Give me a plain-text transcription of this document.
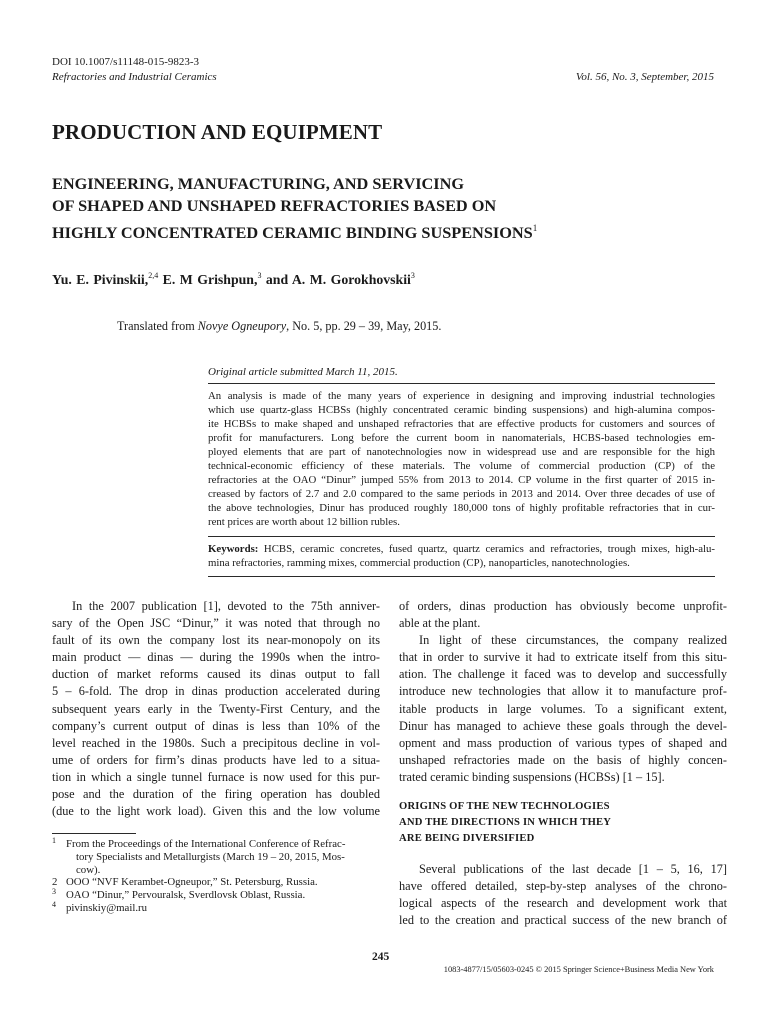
DOI 10.1007/s11148-015-9823-3
Refractories and Industrial Ceramics	Vol. 56, No. 3, September, 2015
PRODUCTION AND EQUIPMENT
ENGINEERING, MANUFACTURING, AND SERVICING
OF SHAPED AND UNSHAPED REFRACTORIES BASED ON
HIGHLY CONCENTRATED CERAMIC BINDING SUSPENSIONS$^1$
Yu. E. Pivinskii,$^{2,4}$ E. M Grishpun,$^3$ and A. M. Gorokhovskii$^3$
Translated from Novye Ogneupory, No. 5, pp. 29 – 39, May, 2015.
Original article submitted March 11, 2015.
An analysis is made of the many years of experience in designing and improving industrial technologies
which use quartz-glass HCBSs (highly concentrated ceramic binding suspensions) and high-alumina compos-
ite HCBSs to make shaped and unshaped refractories that are effective products for customers and sources of
profit for manufacturers. Long before the current boom in nanomaterials, HCBS-based technologies em-
ployed elements that are part of nanotechnologies now in widespread use and are responsible for the high
technical-economic efficiency of these materials. The volume of commercial production (CP) of the
refractories at the OAO “Dinur” jumped 55% from 2013 to 2014. CP volume in the first quarter of 2015 in-
creased by factors of 2.7 and 2.0 compared to the same periods in 2013 and 2014. Over three decades of use of
the above technologies, Dinur has produced roughly 180,000 tons of highly profitable refractories that in cur-
rent prices are worth about 12 billion rubles.
Keywords: HCBS, ceramic concretes, fused quartz, quartz ceramics and refractories, trough mixes, high-alu-
mina refractories, ramming mixes, commercial production (CP), nanoparticles, nanotechnologies.
In the 2007 publication [1], devoted to the 75th anniver-
sary of the Open JSC “Dinur,” it was noted that through no
fault of its own the company lost its near-monopoly on its
main product — dinas — during the 1990s when the intro-
duction of market reforms caused its dinas output to fall
5 – 6-fold. The drop in dinas production accelerated during
subsequent years early in the Twenty-First Century, and the
company’s current output of dinas is less than 10% of the
level reached in the 1980s. Such a precipitous decline in vol-
ume of orders for firm’s dinas products have led to a situa-
tion in which a single tunnel furnace is now used for this pur-
pose and the duration of the firing operation has doubled
(due to the light work load). Given this and the low volume
1 From the Proceedings of the International Conference of Refrac-
tory Specialists and Metallurgists (March 19 – 20, 2015, Mos-
cow).
2 OOO “NVF Kerambet-Ogneupor,” St. Petersburg, Russia.
3 OAO “Dinur,” Pervouralsk, Sverdlovsk Oblast, Russia.
4 pivinskiy@mail.ru
of orders, dinas production has obviously become unprofit-
able at the plant.
In light of these circumstances, the company realized
that in order to survive it had to extricate itself from this situ-
ation. The challenge it faced was to develop and successfully
introduce new technologies that allow it to manufacture prof-
itable products in large volumes. To a significant extent,
Dinur has managed to achieve these goals through the devel-
opment and mass production of various types of shaped and
unshaped refractories made on the basis of highly concen-
trated ceramic binding suspensions (HCBSs) [1 – 15].
ORIGINS OF THE NEW TECHNOLOGIES
AND THE DIRECTIONS IN WHICH THEY
ARE BEING DIVERSIFIED
Several publications of the last decade [1 – 5, 16, 17]
have offered detailed, step-by-step analyses of the chrono-
logical aspects of the research and development work that
led to the creation and practical success of the new branch of
245
1083-4877/15/05603-0245 © 2015 Springer Science+Business Media New York
